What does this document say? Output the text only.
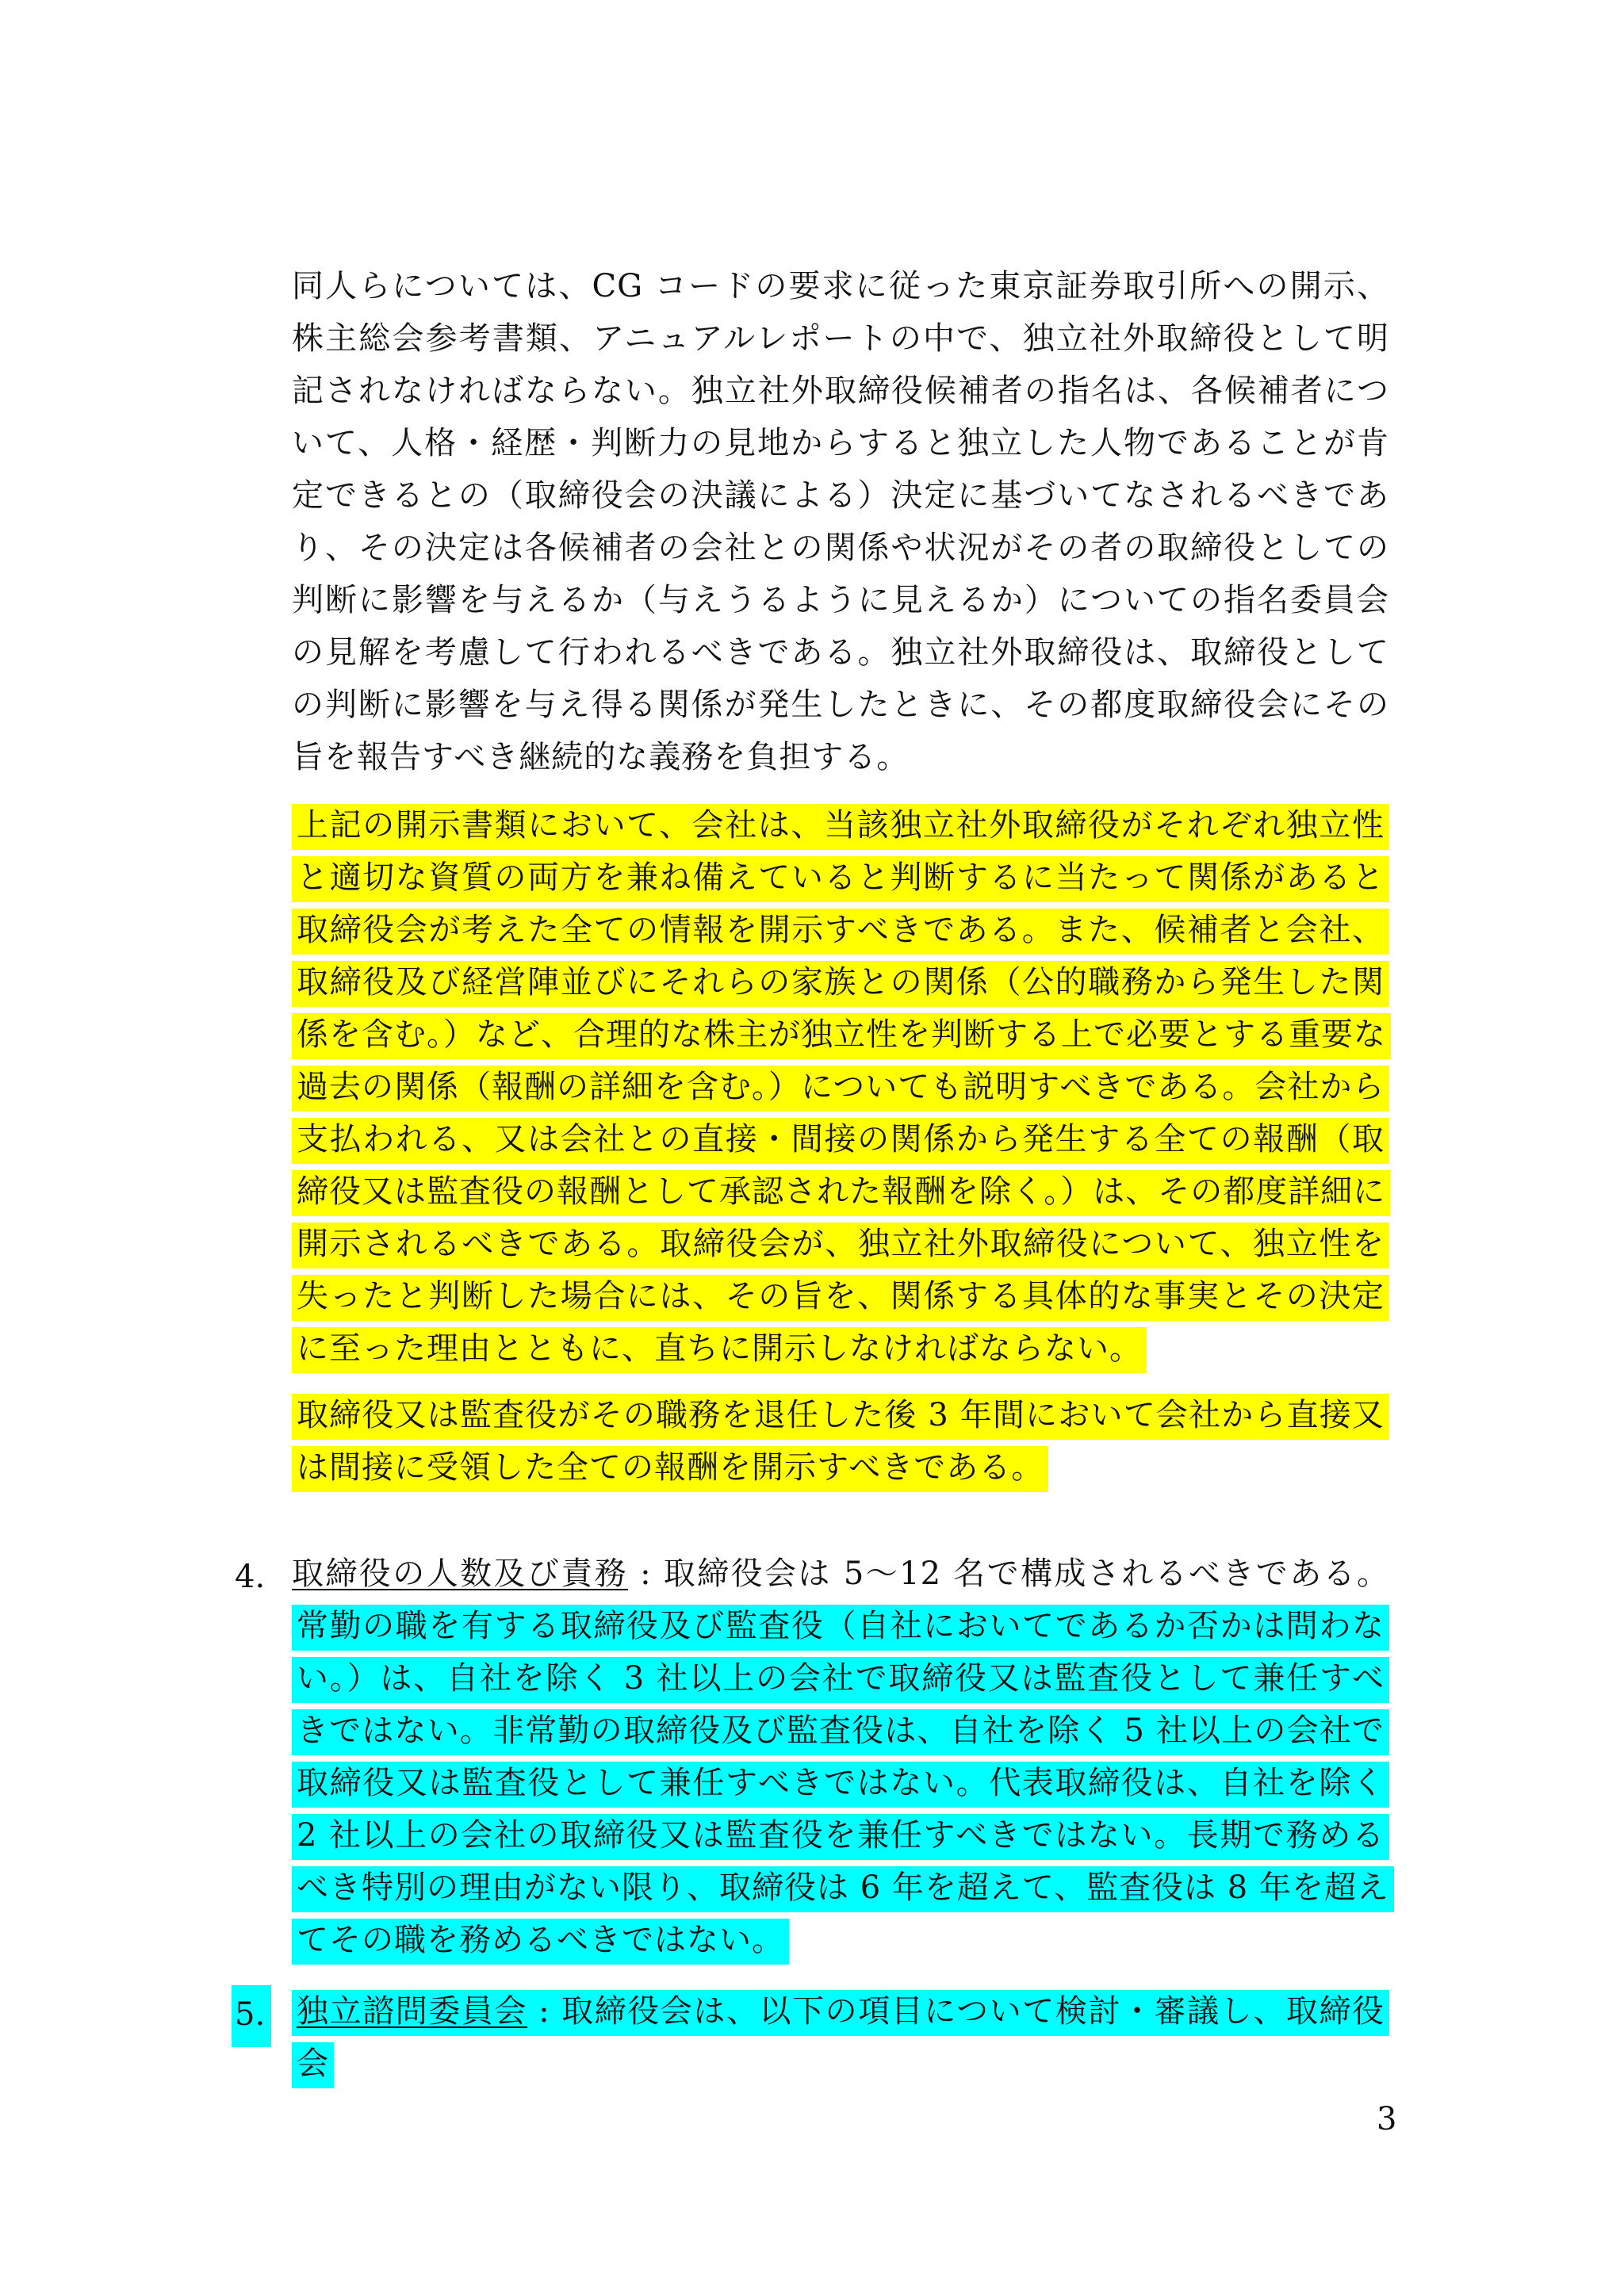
同人らについては、CG コードの要求に従った東京証券取引所への開示、株主総会参考書類、アニュアルレポートの中で、独立社外取締役として明記されなければならない。独立社外取締役候補者の指名は、各候補者について、人格・経歴・判断力の見地からすると独立した人物であることが肯定できるとの（取締役会の決議による）決定に基づいてなされるべきであり、その決定は各候補者の会社との関係や状況がその者の取締役としての判断に影響を与えるか（与えうるように見えるか）についての指名委員会の見解を考慮して行われるべきである。独立社外取締役は、取締役としての判断に影響を与え得る関係が発生したときに、その都度取締役会にその旨を報告すべき継続的な義務を負担する。

上記の開示書類において、会社は、当該独立社外取締役がそれぞれ独立性と適切な資質の両方を兼ね備えていると判断するに当たって関係があると取締役会が考えた全ての情報を開示すべきである。また、候補者と会社、取締役及び経営陣並びにそれらの家族との関係（公的職務から発生した関係を含む。）など、合理的な株主が独立性を判断する上で必要とする重要な過去の関係（報酬の詳細を含む。）についても説明すべきである。会社から支払われる、又は会社との直接・間接の関係から発生する全ての報酬（取締役又は監査役の報酬として承認された報酬を除く。）は、その都度詳細に開示されるべきである。取締役会が、独立社外取締役について、独立性を失ったと判断した場合には、その旨を、関係する具体的な事実とその決定に至った理由とともに、直ちに開示しなければならない。

取締役又は監査役がその職務を退任した後 3 年間において会社から直接又は間接に受領した全ての報酬を開示すべきである。

4. 取締役の人数及び責務 : 取締役会は 5～12 名で構成されるべきである。常勤の職を有する取締役及び監査役（自社においてであるか否かは問わない。）は、自社を除く 3 社以上の会社で取締役又は監査役として兼任すべきではない。非常勤の取締役及び監査役は、自社を除く 5 社以上の会社で取締役又は監査役として兼任すべきではない。代表取締役は、自社を除く 2 社以上の会社の取締役又は監査役を兼任すべきではない。長期で務めるべき特別の理由がない限り、取締役は 6 年を超えて、監査役は 8 年を超えてその職を務めるべきではない。

5. 独立諮問委員会 : 取締役会は、以下の項目について検討・審議し、取締役会

3
